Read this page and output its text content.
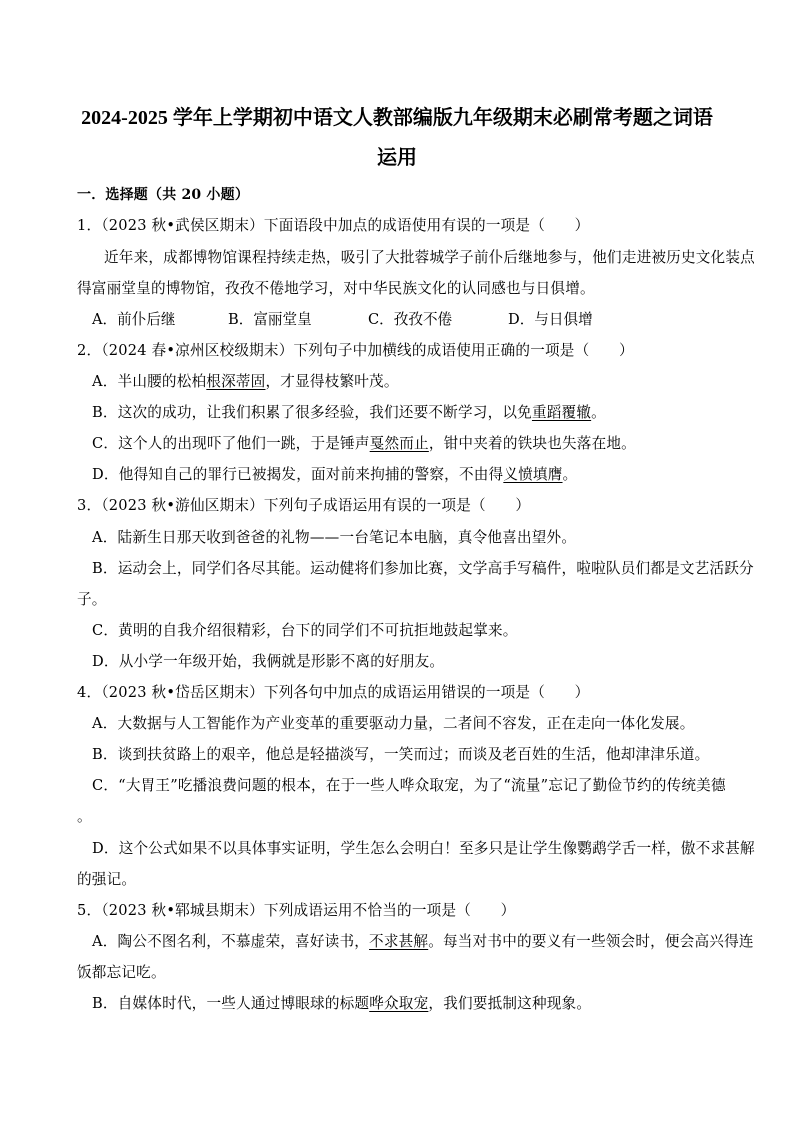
2024-2025 学年上学期初中语文人教部编版九年级期末必刷常考题之词语
运用
一．选择题（共 20 小题）
1．（2023 秋•武侯区期末）下面语段中加点的成语使用有误的一项是（　　）
近年来，成都博物馆课程持续走热，吸引了大批蓉城学子前仆后继地参与，他们走进被历史文化装点
得富丽堂皇的博物馆，孜孜不倦地学习，对中华民族文化的认同感也与日俱增。
A．前仆后继	B．富丽堂皇	C．孜孜不倦	D．与日俱增
2．（2024 春•凉州区校级期末）下列句子中加横线的成语使用正确的一项是（　　）
A．半山腰的松柏根深蒂固，才显得枝繁叶茂。
B．这次的成功，让我们积累了很多经验，我们还要不断学习，以免重蹈覆辙。
C．这个人的出现吓了他们一跳，于是锤声戛然而止，钳中夹着的铁块也失落在地。
D．他得知自己的罪行已被揭发，面对前来拘捕的警察，不由得义愤填膺。
3．（2023 秋•游仙区期末）下列句子成语运用有误的一项是（　　）
A．陆新生日那天收到爸爸的礼物——一台笔记本电脑，真令他喜出望外。
B．运动会上，同学们各尽其能。运动健将们参加比赛，文学高手写稿件，啦啦队员们都是文艺活跃分
子。
C．黄明的自我介绍很精彩，台下的同学们不可抗拒地鼓起掌来。
D．从小学一年级开始，我俩就是形影不离的好朋友。
4．（2023 秋•岱岳区期末）下列各句中加点的成语运用错误的一项是（　　）
A．大数据与人工智能作为产业变革的重要驱动力量，二者间不容发，正在走向一体化发展。
B．谈到扶贫路上的艰辛，他总是轻描淡写，一笑而过；而谈及老百姓的生活，他却津津乐道。
C．“大胃王”吃播浪费问题的根本，在于一些人哗众取宠，为了“流量”忘记了勤俭节约的传统美德
。
D．这个公式如果不以具体事实证明，学生怎么会明白！至多只是让学生像鹦鹉学舌一样，傲不求甚解
的强记。
5．（2023 秋•郓城县期末）下列成语运用不恰当的一项是（　　）
A．陶公不图名利，不慕虚荣，喜好读书，不求甚解。每当对书中的要义有一些领会时，便会高兴得连
饭都忘记吃。
B．自媒体时代，一些人通过博眼球的标题哗众取宠，我们要抵制这种现象。
